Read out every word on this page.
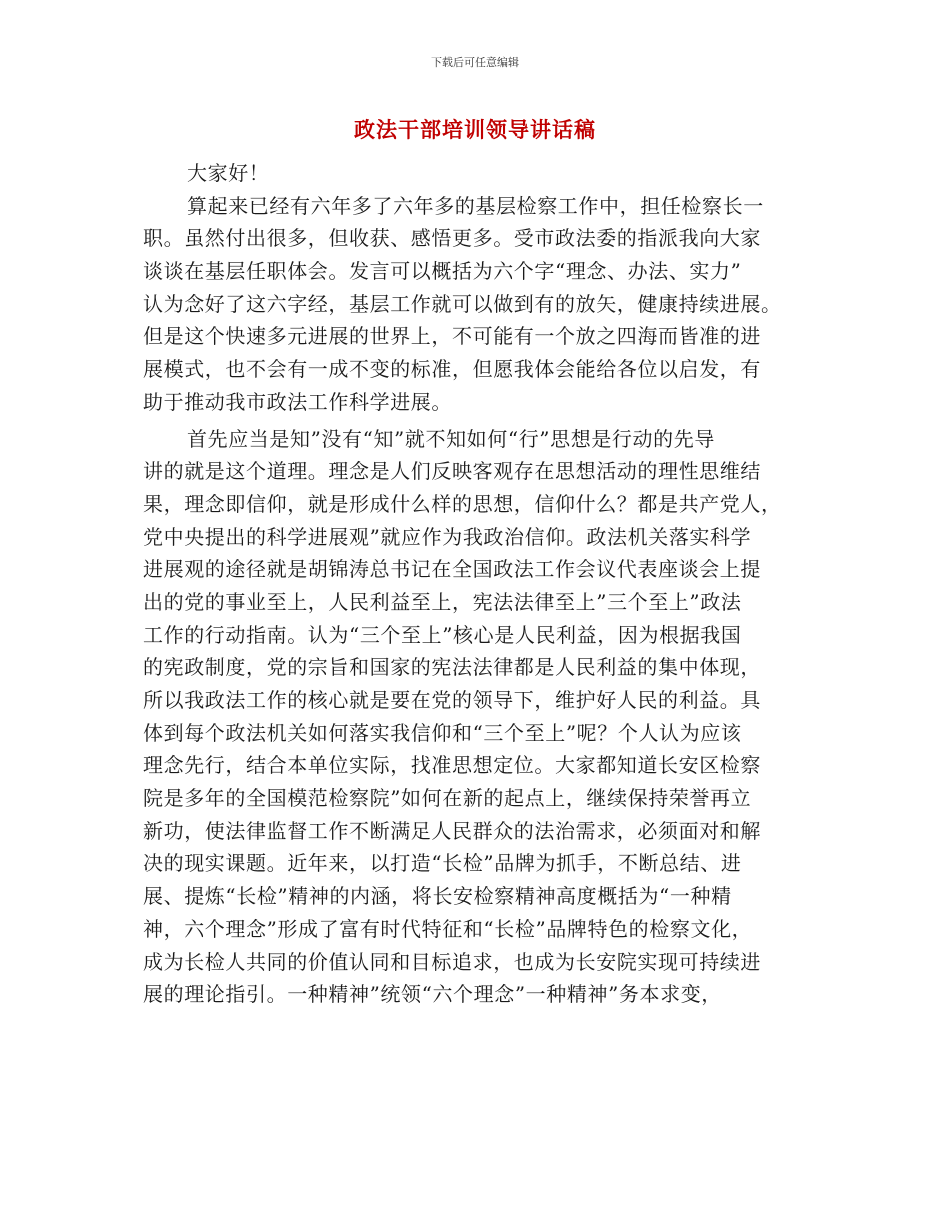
下载后可任意编辑
政法干部培训领导讲话稿
大家好！
算起来已经有六年多了六年多的基层检察工作中，担任检察长一
职。虽然付出很多，但收获、感悟更多。受市政法委的指派我向大家
谈谈在基层任职体会。发言可以概括为六个字“理念、办法、实力”
认为念好了这六字经，基层工作就可以做到有的放矢，健康持续进展。
但是这个快速多元进展的世界上，不可能有一个放之四海而皆准的进
展模式，也不会有一成不变的标准，但愿我体会能给各位以启发，有
助于推动我市政法工作科学进展。
首先应当是知”没有“知”就不知如何“行”思想是行动的先导
讲的就是这个道理。理念是人们反映客观存在思想活动的理性思维结
果，理念即信仰，就是形成什么样的思想，信仰什么？都是共产党人，
党中央提出的科学进展观”就应作为我政治信仰。政法机关落实科学
进展观的途径就是胡锦涛总书记在全国政法工作会议代表座谈会上提
出的党的事业至上，人民利益至上，宪法法律至上”三个至上”政法
工作的行动指南。认为“三个至上”核心是人民利益，因为根据我国
的宪政制度，党的宗旨和国家的宪法法律都是人民利益的集中体现，
所以我政法工作的核心就是要在党的领导下，维护好人民的利益。具
体到每个政法机关如何落实我信仰和“三个至上”呢？个人认为应该
理念先行，结合本单位实际，找准思想定位。大家都知道长安区检察
院是多年的全国模范检察院”如何在新的起点上，继续保持荣誉再立
新功，使法律监督工作不断满足人民群众的法治需求，必须面对和解
决的现实课题。近年来，以打造“长检”品牌为抓手，不断总结、进
展、提炼“长检”精神的内涵，将长安检察精神高度概括为“一种精
神，六个理念”形成了富有时代特征和“长检”品牌特色的检察文化，
成为长检人共同的价值认同和目标追求，也成为长安院实现可持续进
展的理论指引。一种精神”统领“六个理念”一种精神”务本求变，
